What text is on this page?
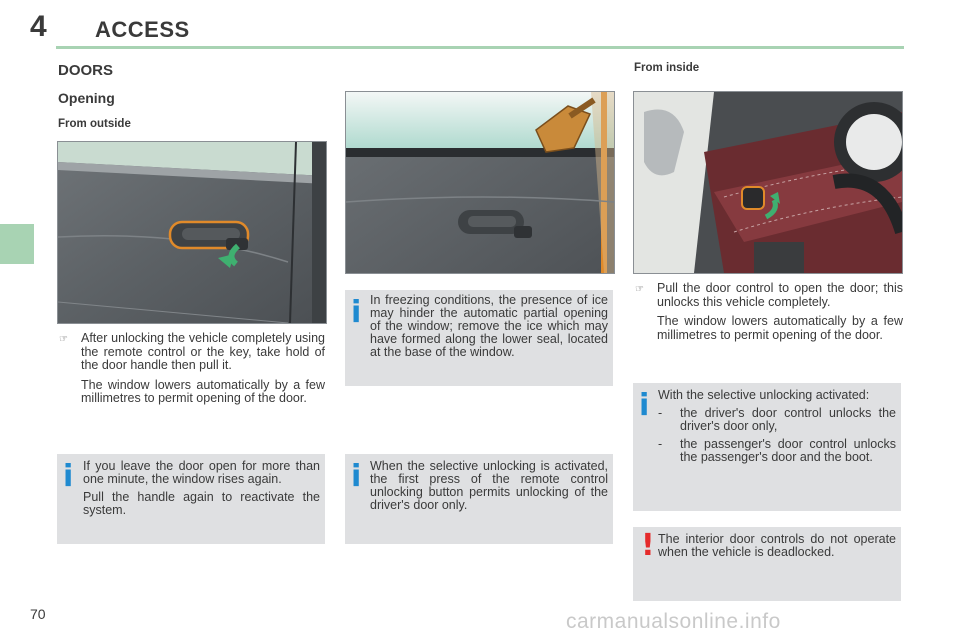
4 ACCESS
DOORS
Opening
From outside
☞ After unlocking the vehicle completely using the remote control or the key, take hold of the door handle then pull it.

The window lowers automatically by a few millimetres to permit opening of the door.

i If you leave the door open for more than one minute, the window rises again.

Pull the handle again to reactivate the system.

i In freezing conditions, the presence of ice may hinder the automatic partial opening of the window; remove the ice which may have formed along the lower seal, located at the base of the window.
i When the selective unlocking is activated, the first press of the remote control unlocking button permits unlocking of the driver's door only.
From inside
☞ Pull the door control to open the door; this unlocks this vehicle completely.

The window lowers automatically by a few millimetres to permit opening of the door.

i With the selective unlocking activated:

-	the driver's door control unlocks the driver's door only,
-	the passenger's door control unlocks the passenger's door and the boot.
! The interior door controls do not operate when the vehicle is deadlocked.
70	carmanualsonline.info
